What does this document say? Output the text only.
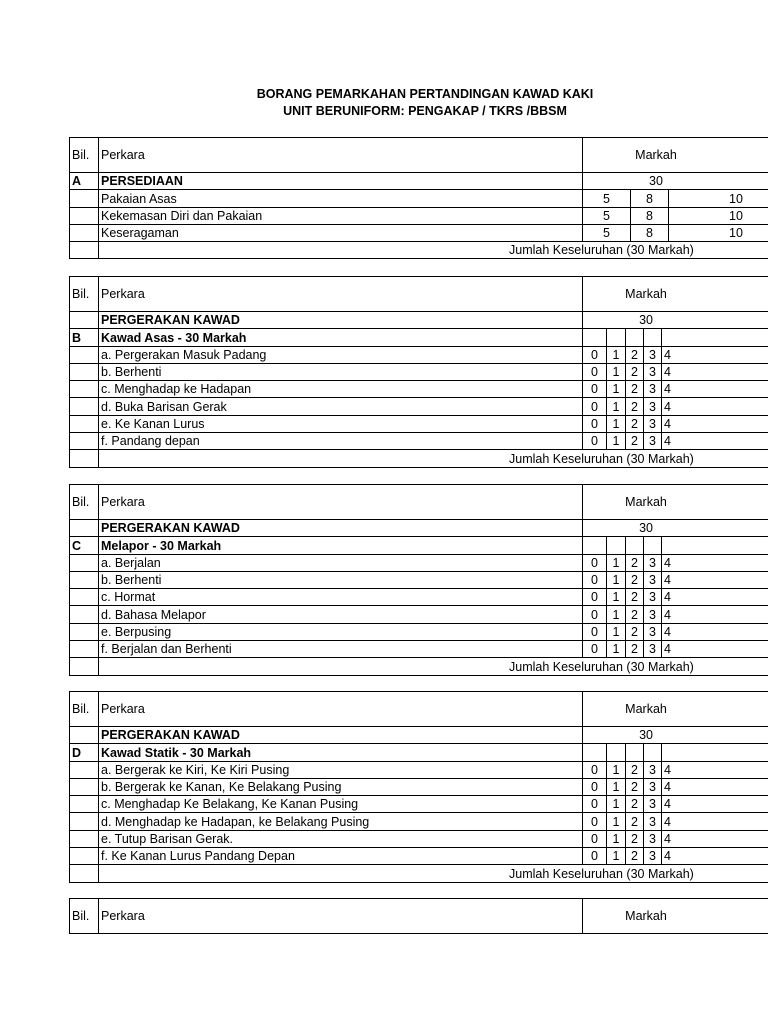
BORANG PEMARKAHAN PERTANDINGAN KAWAD KAKI
UNIT BERUNIFORM: PENGAKAP / TKRS /BBSM
Bil.	Perkara	Markah		
A	PERSEDIAAN	30		
	Pakaian Asas	5	8	10
	Kekemasan Diri dan Pakaian	5	8	10
	Keseragaman	5	8	10
	Jumlah Keseluruhan (30 Markah)			
Bil.	Perkara	Markah				
	PERGERAKAN KAWAD	30				
B	Kawad Asas - 30 Markah					
	a. Pergerakan Masuk Padang	0	1	2	3	4
	b. Berhenti	0	1	2	3	4
	c. Menghadap ke Hadapan	0	1	2	3	4
	d. Buka Barisan Gerak	0	1	2	3	4
	e. Ke Kanan Lurus	0	1	2	3	4
	f. Pandang depan	0	1	2	3	4
	Jumlah Keseluruhan (30 Markah)					
Bil.	Perkara	Markah				
	PERGERAKAN KAWAD	30				
C	Melapor - 30 Markah					
	a. Berjalan	0	1	2	3	4
	b. Berhenti	0	1	2	3	4
	c. Hormat	0	1	2	3	4
	d. Bahasa Melapor	0	1	2	3	4
	e. Berpusing	0	1	2	3	4
	f. Berjalan dan Berhenti	0	1	2	3	4
	Jumlah Keseluruhan (30 Markah)					
Bil.	Perkara	Markah				
	PERGERAKAN KAWAD	30				
D	Kawad Statik - 30 Markah					
	a. Bergerak ke Kiri, Ke Kiri Pusing	0	1	2	3	4
	b. Bergerak ke Kanan, Ke Belakang Pusing	0	1	2	3	4
	c. Menghadap Ke Belakang, Ke Kanan Pusing	0	1	2	3	4
	d. Menghadap ke Hadapan, ke Belakang Pusing	0	1	2	3	4
	e. Tutup Barisan Gerak.	0	1	2	3	4
	f. Ke Kanan Lurus Pandang Depan	0	1	2	3	4
	Jumlah Keseluruhan (30 Markah)					
Bil.	Perkara	Markah
